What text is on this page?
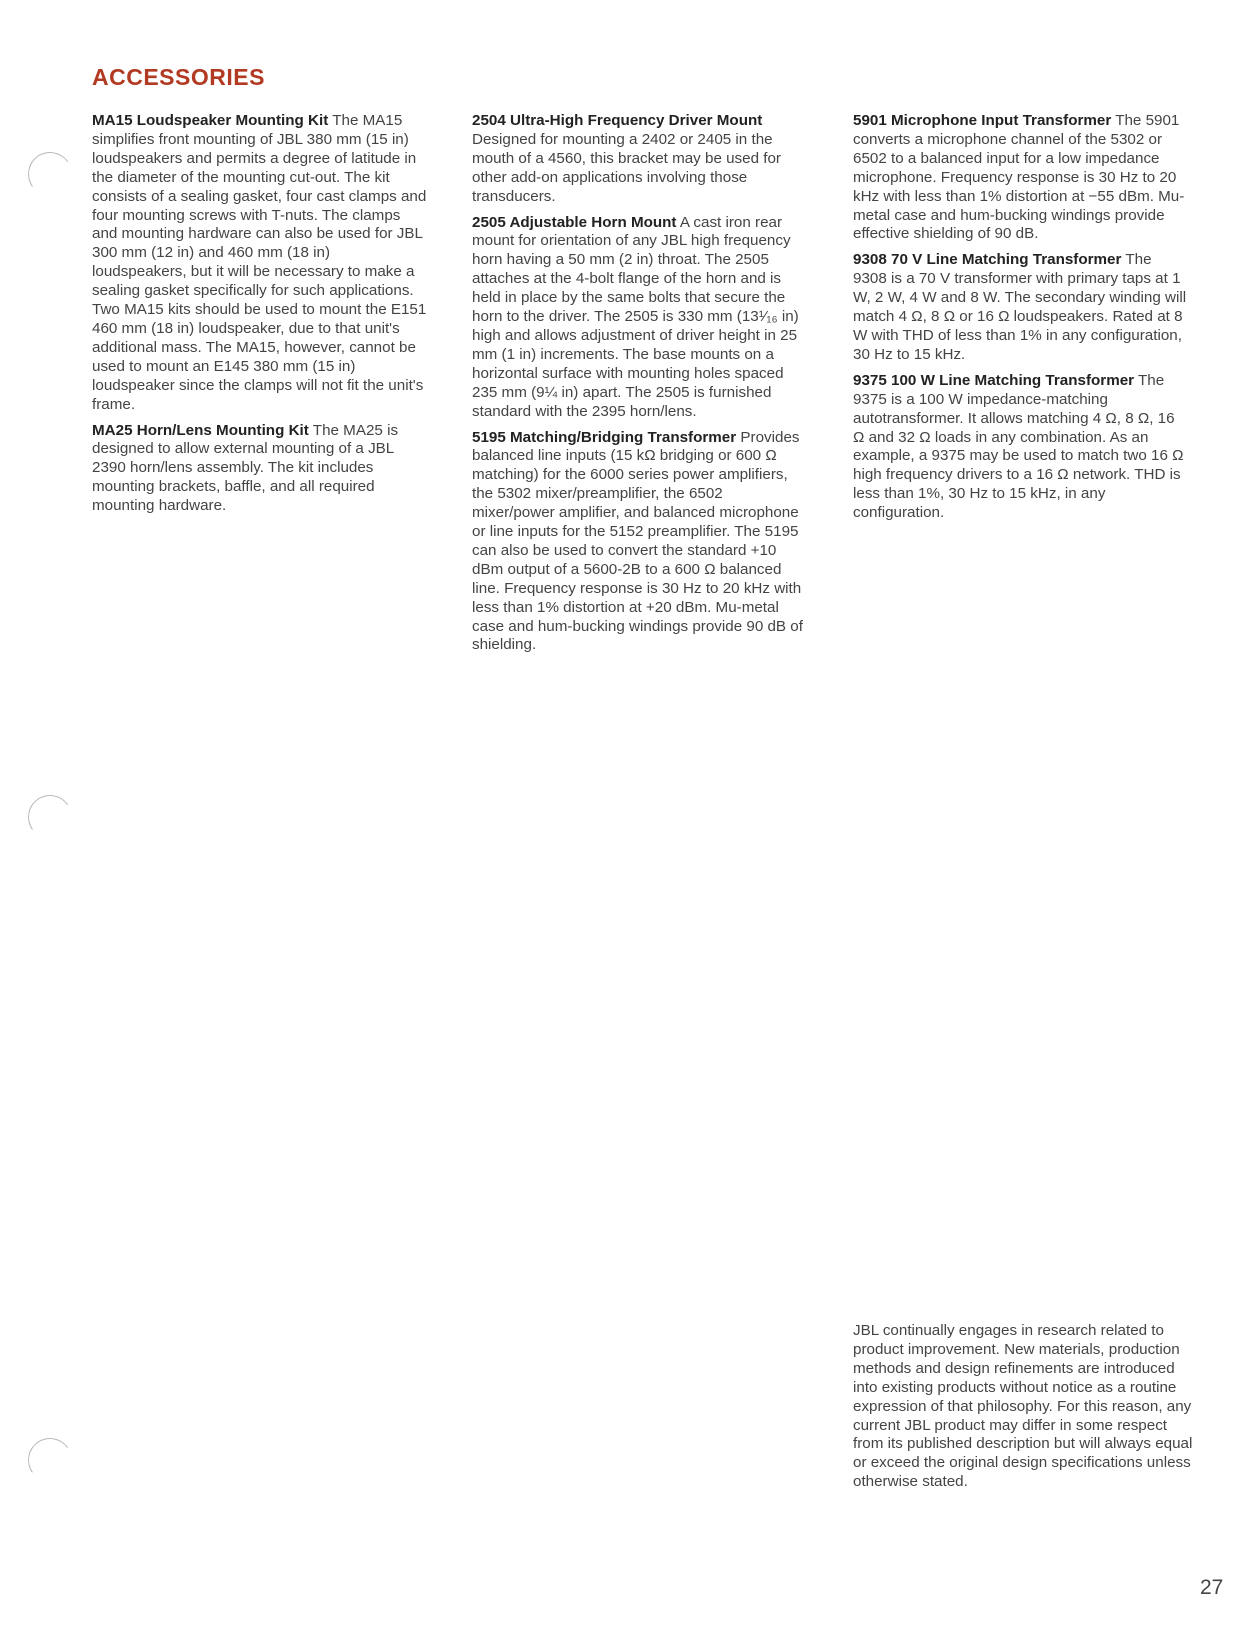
ACCESSORIES

MA15 Loudspeaker Mounting Kit The MA15 simplifies front mounting of JBL 380 mm (15 in) loudspeakers and permits a degree of latitude in the diameter of the mounting cut-out. The kit consists of a sealing gasket, four cast clamps and four mounting screws with T-nuts. The clamps and mounting hardware can also be used for JBL 300 mm (12 in) and 460 mm (18 in) loudspeakers, but it will be necessary to make a sealing gasket specifically for such applications. Two MA15 kits should be used to mount the E151 460 mm (18 in) loudspeaker, due to that unit's additional mass. The MA15, however, cannot be used to mount an E145 380 mm (15 in) loudspeaker since the clamps will not fit the unit's frame.

MA25 Horn/Lens Mounting Kit The MA25 is designed to allow external mounting of a JBL 2390 horn/lens assembly. The kit includes mounting brackets, baffle, and all required mounting hardware.

2504 Ultra-High Frequency Driver Mount Designed for mounting a 2402 or 2405 in the mouth of a 4560, this bracket may be used for other add-on applications involving those transducers.

2505 Adjustable Horn Mount A cast iron rear mount for orientation of any JBL high frequency horn having a 50 mm (2 in) throat. The 2505 attaches at the 4-bolt flange of the horn and is held in place by the same bolts that secure the horn to the driver. The 2505 is 330 mm (13¹⁄₁₆ in) high and allows adjustment of driver height in 25 mm (1 in) increments. The base mounts on a horizontal surface with mounting holes spaced 235 mm (9¼ in) apart. The 2505 is furnished standard with the 2395 horn/lens.

5195 Matching/Bridging Transformer Provides balanced line inputs (15 kΩ bridging or 600 Ω matching) for the 6000 series power amplifiers, the 5302 mixer/preamplifier, the 6502 mixer/power amplifier, and balanced microphone or line inputs for the 5152 preamplifier. The 5195 can also be used to convert the standard +10 dBm output of a 5600-2B to a 600 Ω balanced line. Frequency response is 30 Hz to 20 kHz with less than 1% distortion at +20 dBm. Mu-metal case and hum-bucking windings provide 90 dB of shielding.

5901 Microphone Input Transformer The 5901 converts a microphone channel of the 5302 or 6502 to a balanced input for a low impedance microphone. Frequency response is 30 Hz to 20 kHz with less than 1% distortion at −55 dBm. Mu-metal case and hum-bucking windings provide effective shielding of 90 dB.

9308 70 V Line Matching Transformer The 9308 is a 70 V transformer with primary taps at 1 W, 2 W, 4 W and 8 W. The secondary winding will match 4 Ω, 8 Ω or 16 Ω loudspeakers. Rated at 8 W with THD of less than 1% in any configuration, 30 Hz to 15 kHz.

9375 100 W Line Matching Transformer The 9375 is a 100 W impedance-matching autotransformer. It allows matching 4 Ω, 8 Ω, 16 Ω and 32 Ω loads in any combination. As an example, a 9375 may be used to match two 16 Ω high frequency drivers to a 16 Ω network. THD is less than 1%, 30 Hz to 15 kHz, in any configuration.

JBL continually engages in research related to product improvement. New materials, production methods and design refinements are introduced into existing products without notice as a routine expression of that philosophy. For this reason, any current JBL product may differ in some respect from its published description but will always equal or exceed the original design specifications unless otherwise stated.

27
